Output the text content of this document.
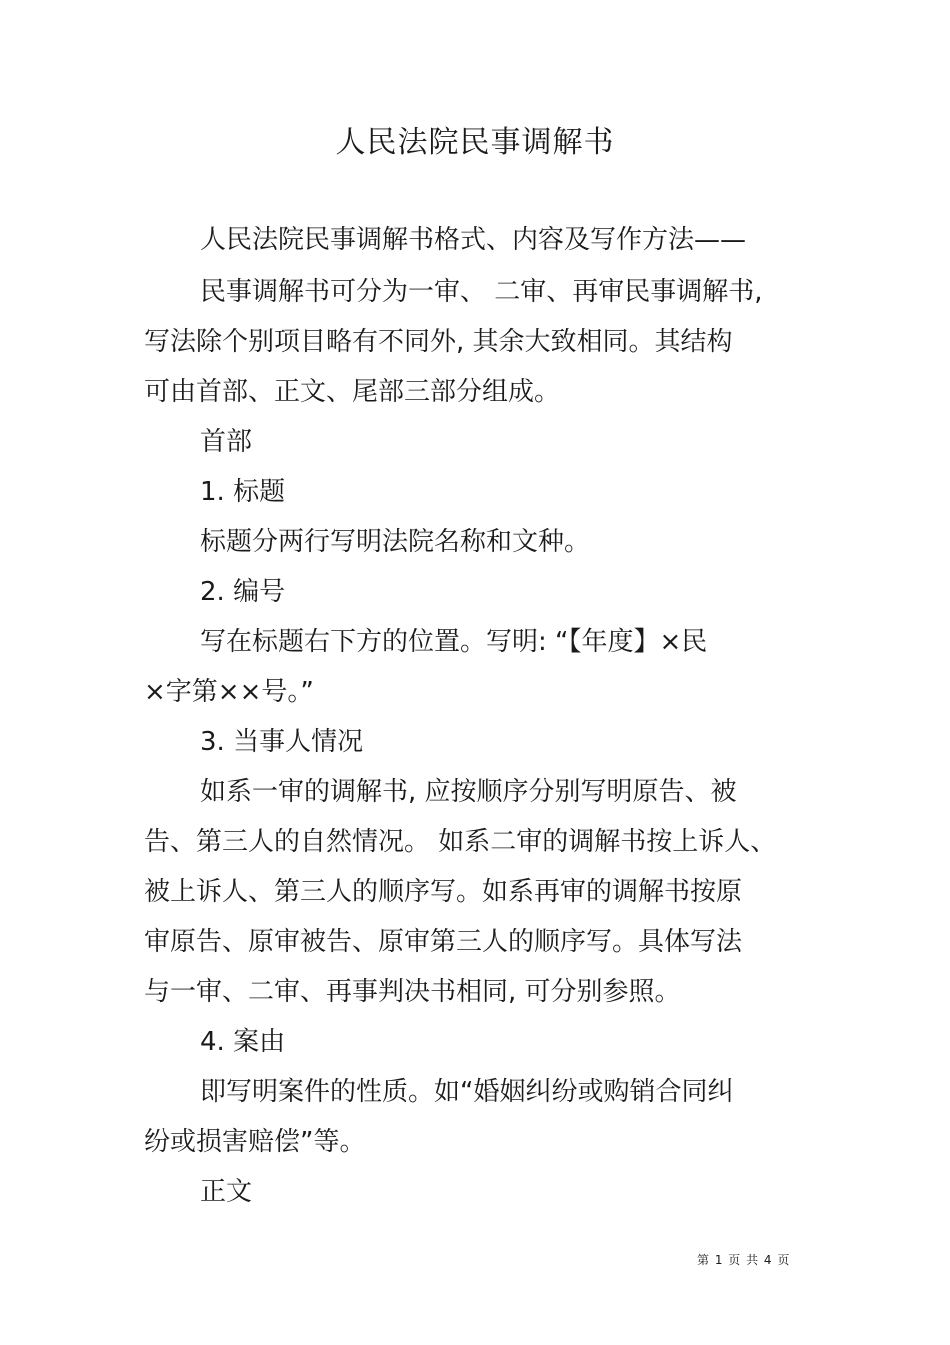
人民法院民事调解书

人民法院民事调解书格式、内容及写作方法——

民事调解书可分为一审、 二审、再审民事调解书,

写法除个别项目略有不同外, 其余大致相同。其结构

可由首部、正文、尾部三部分组成。

首部

1. 标题

标题分两行写明法院名称和文种。

2. 编号

写在标题右下方的位置。写明: “【年度】×民

×字第××号。”

3. 当事人情况

如系一审的调解书, 应按顺序分别写明原告、被

告、第三人的自然情况。 如系二审的调解书按上诉人、

被上诉人、第三人的顺序写。如系再审的调解书按原

审原告、原审被告、原审第三人的顺序写。具体写法

与一审、二审、再事判决书相同, 可分别参照。

4. 案由

即写明案件的性质。如“婚姻纠纷或购销合同纠

纷或损害赔偿”等。

正文

第 1 页 共 4 页
